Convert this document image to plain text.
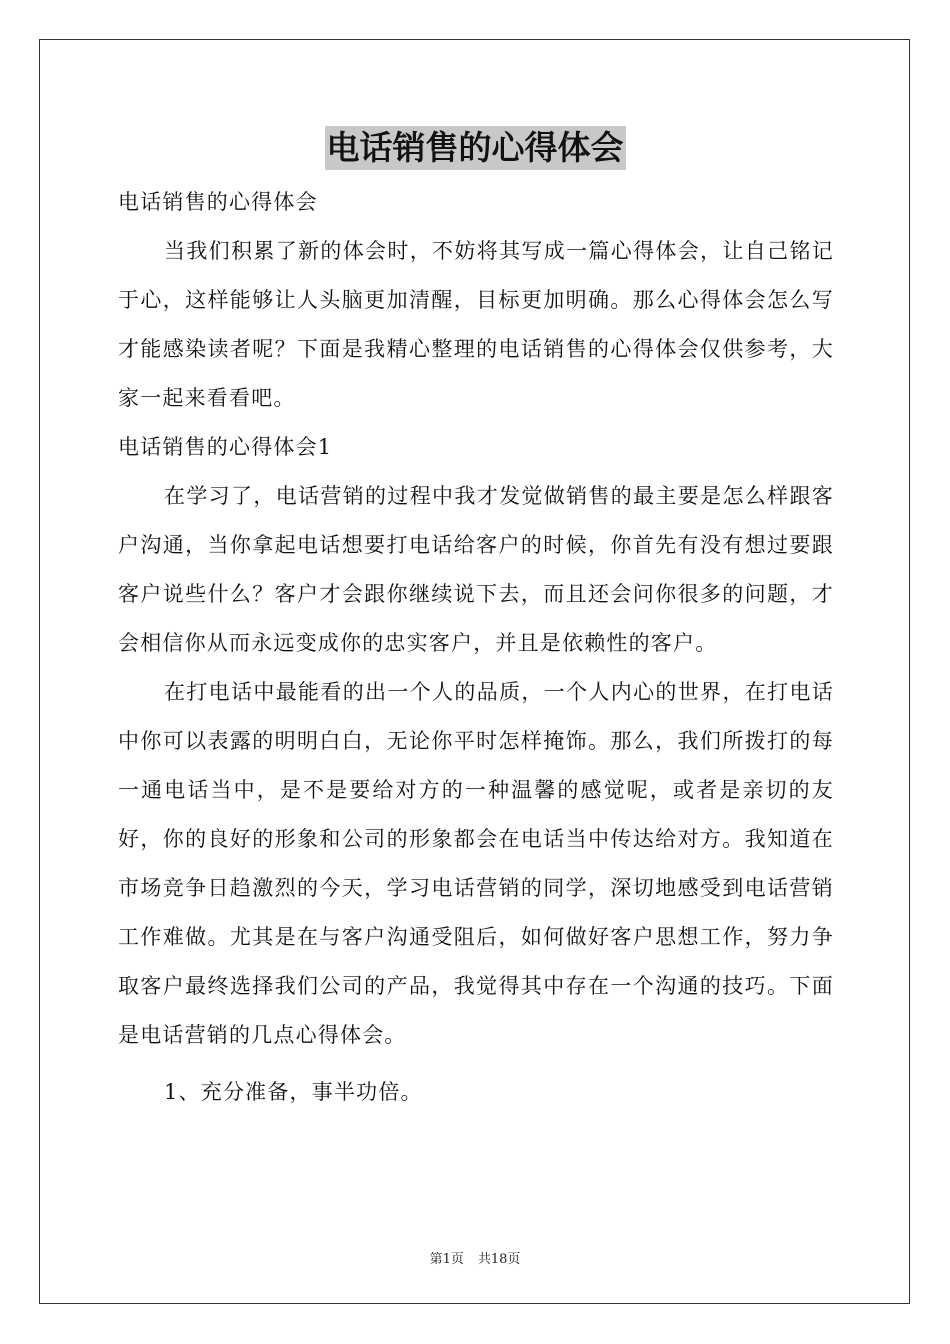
电话销售的心得体会

电话销售的心得体会

当我们积累了新的体会时，不妨将其写成一篇心得体会，让自己铭记于心，这样能够让人头脑更加清醒，目标更加明确。那么心得体会怎么写才能感染读者呢？下面是我精心整理的电话销售的心得体会仅供参考，大家一起来看看吧。

电话销售的心得体会1

在学习了，电话营销的过程中我才发觉做销售的最主要是怎么样跟客户沟通，当你拿起电话想要打电话给客户的时候，你首先有没有想过要跟客户说些什么？客户才会跟你继续说下去，而且还会问你很多的问题，才会相信你从而永远变成你的忠实客户，并且是依赖性的客户。

在打电话中最能看的出一个人的品质，一个人内心的世界，在打电话中你可以表露的明明白白，无论你平时怎样掩饰。那么，我们所拨打的每一通电话当中，是不是要给对方的一种温馨的感觉呢，或者是亲切的友好，你的良好的形象和公司的形象都会在电话当中传达给对方。我知道在市场竞争日趋激烈的今天，学习电话营销的同学，深切地感受到电话营销工作难做。尤其是在与客户沟通受阻后，如何做好客户思想工作，努力争取客户最终选择我们公司的产品，我觉得其中存在一个沟通的技巧。下面是电话营销的几点心得体会。

1、充分准备，事半功倍。

第1页 共18页
